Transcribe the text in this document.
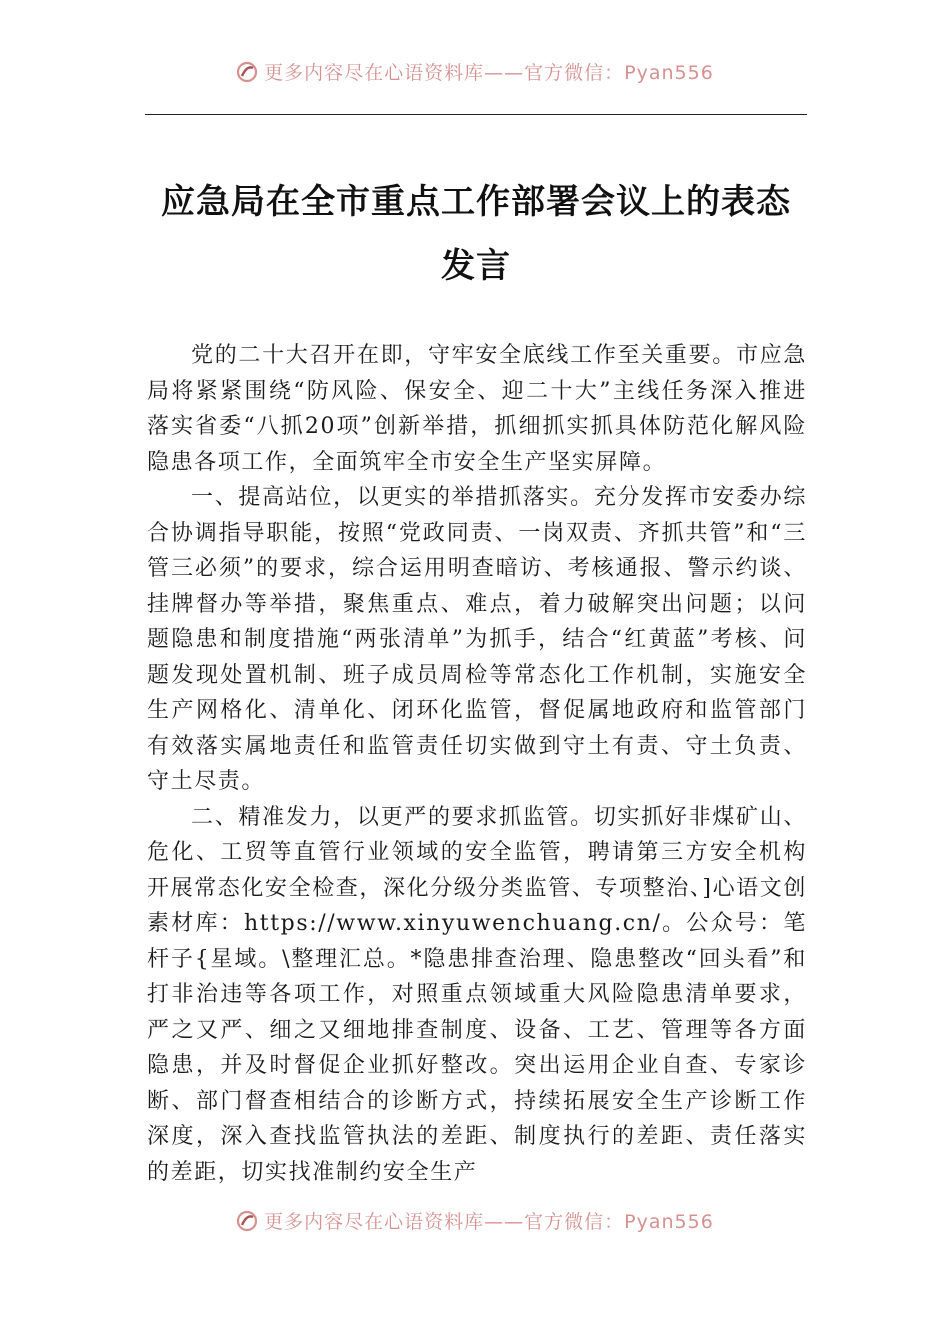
更多内容尽在心语资料库——官方微信：Pyan556
应急局在全市重点工作部署会议上的表态发言

党的二十大召开在即，守牢安全底线工作至关重要。市应急局将紧紧围绕“防风险、保安全、迎二十大”主线任务深入推进落实省委“八抓20项”创新举措，抓细抓实抓具体防范化解风险隐患各项工作，全面筑牢全市安全生产坚实屏障。

一、提高站位，以更实的举措抓落实。充分发挥市安委办综合协调指导职能，按照“党政同责、一岗双责、齐抓共管”和“三管三必须”的要求，综合运用明查暗访、考核通报、警示约谈、挂牌督办等举措，聚焦重点、难点，着力破解突出问题；以问题隐患和制度措施“两张清单”为抓手，结合“红黄蓝”考核、问题发现处置机制、班子成员周检等常态化工作机制，实施安全生产网格化、清单化、闭环化监管，督促属地政府和监管部门有效落实属地责任和监管责任切实做到守土有责、守土负责、守土尽责。

二、精准发力，以更严的要求抓监管。切实抓好非煤矿山、危化、工贸等直管行业领域的安全监管，聘请第三方安全机构开展常态化安全检查，深化分级分类监管、专项整治、]心语文创素材库：https://www.xinyuwenchuang.cn/。公众号：笔杆子{星域。\整理汇总。*隐患排查治理、隐患整改“回头看”和打非治违等各项工作，对照重点领域重大风险隐患清单要求，严之又严、细之又细地排查制度、设备、工艺、管理等各方面隐患，并及时督促企业抓好整改。突出运用企业自查、专家诊断、部门督查相结合的诊断方式，持续拓展安全生产诊断工作深度，深入查找监管执法的差距、制度执行的差距、责任落实的差距，切实找准制约安全生产

更多内容尽在心语资料库——官方微信：Pyan556
